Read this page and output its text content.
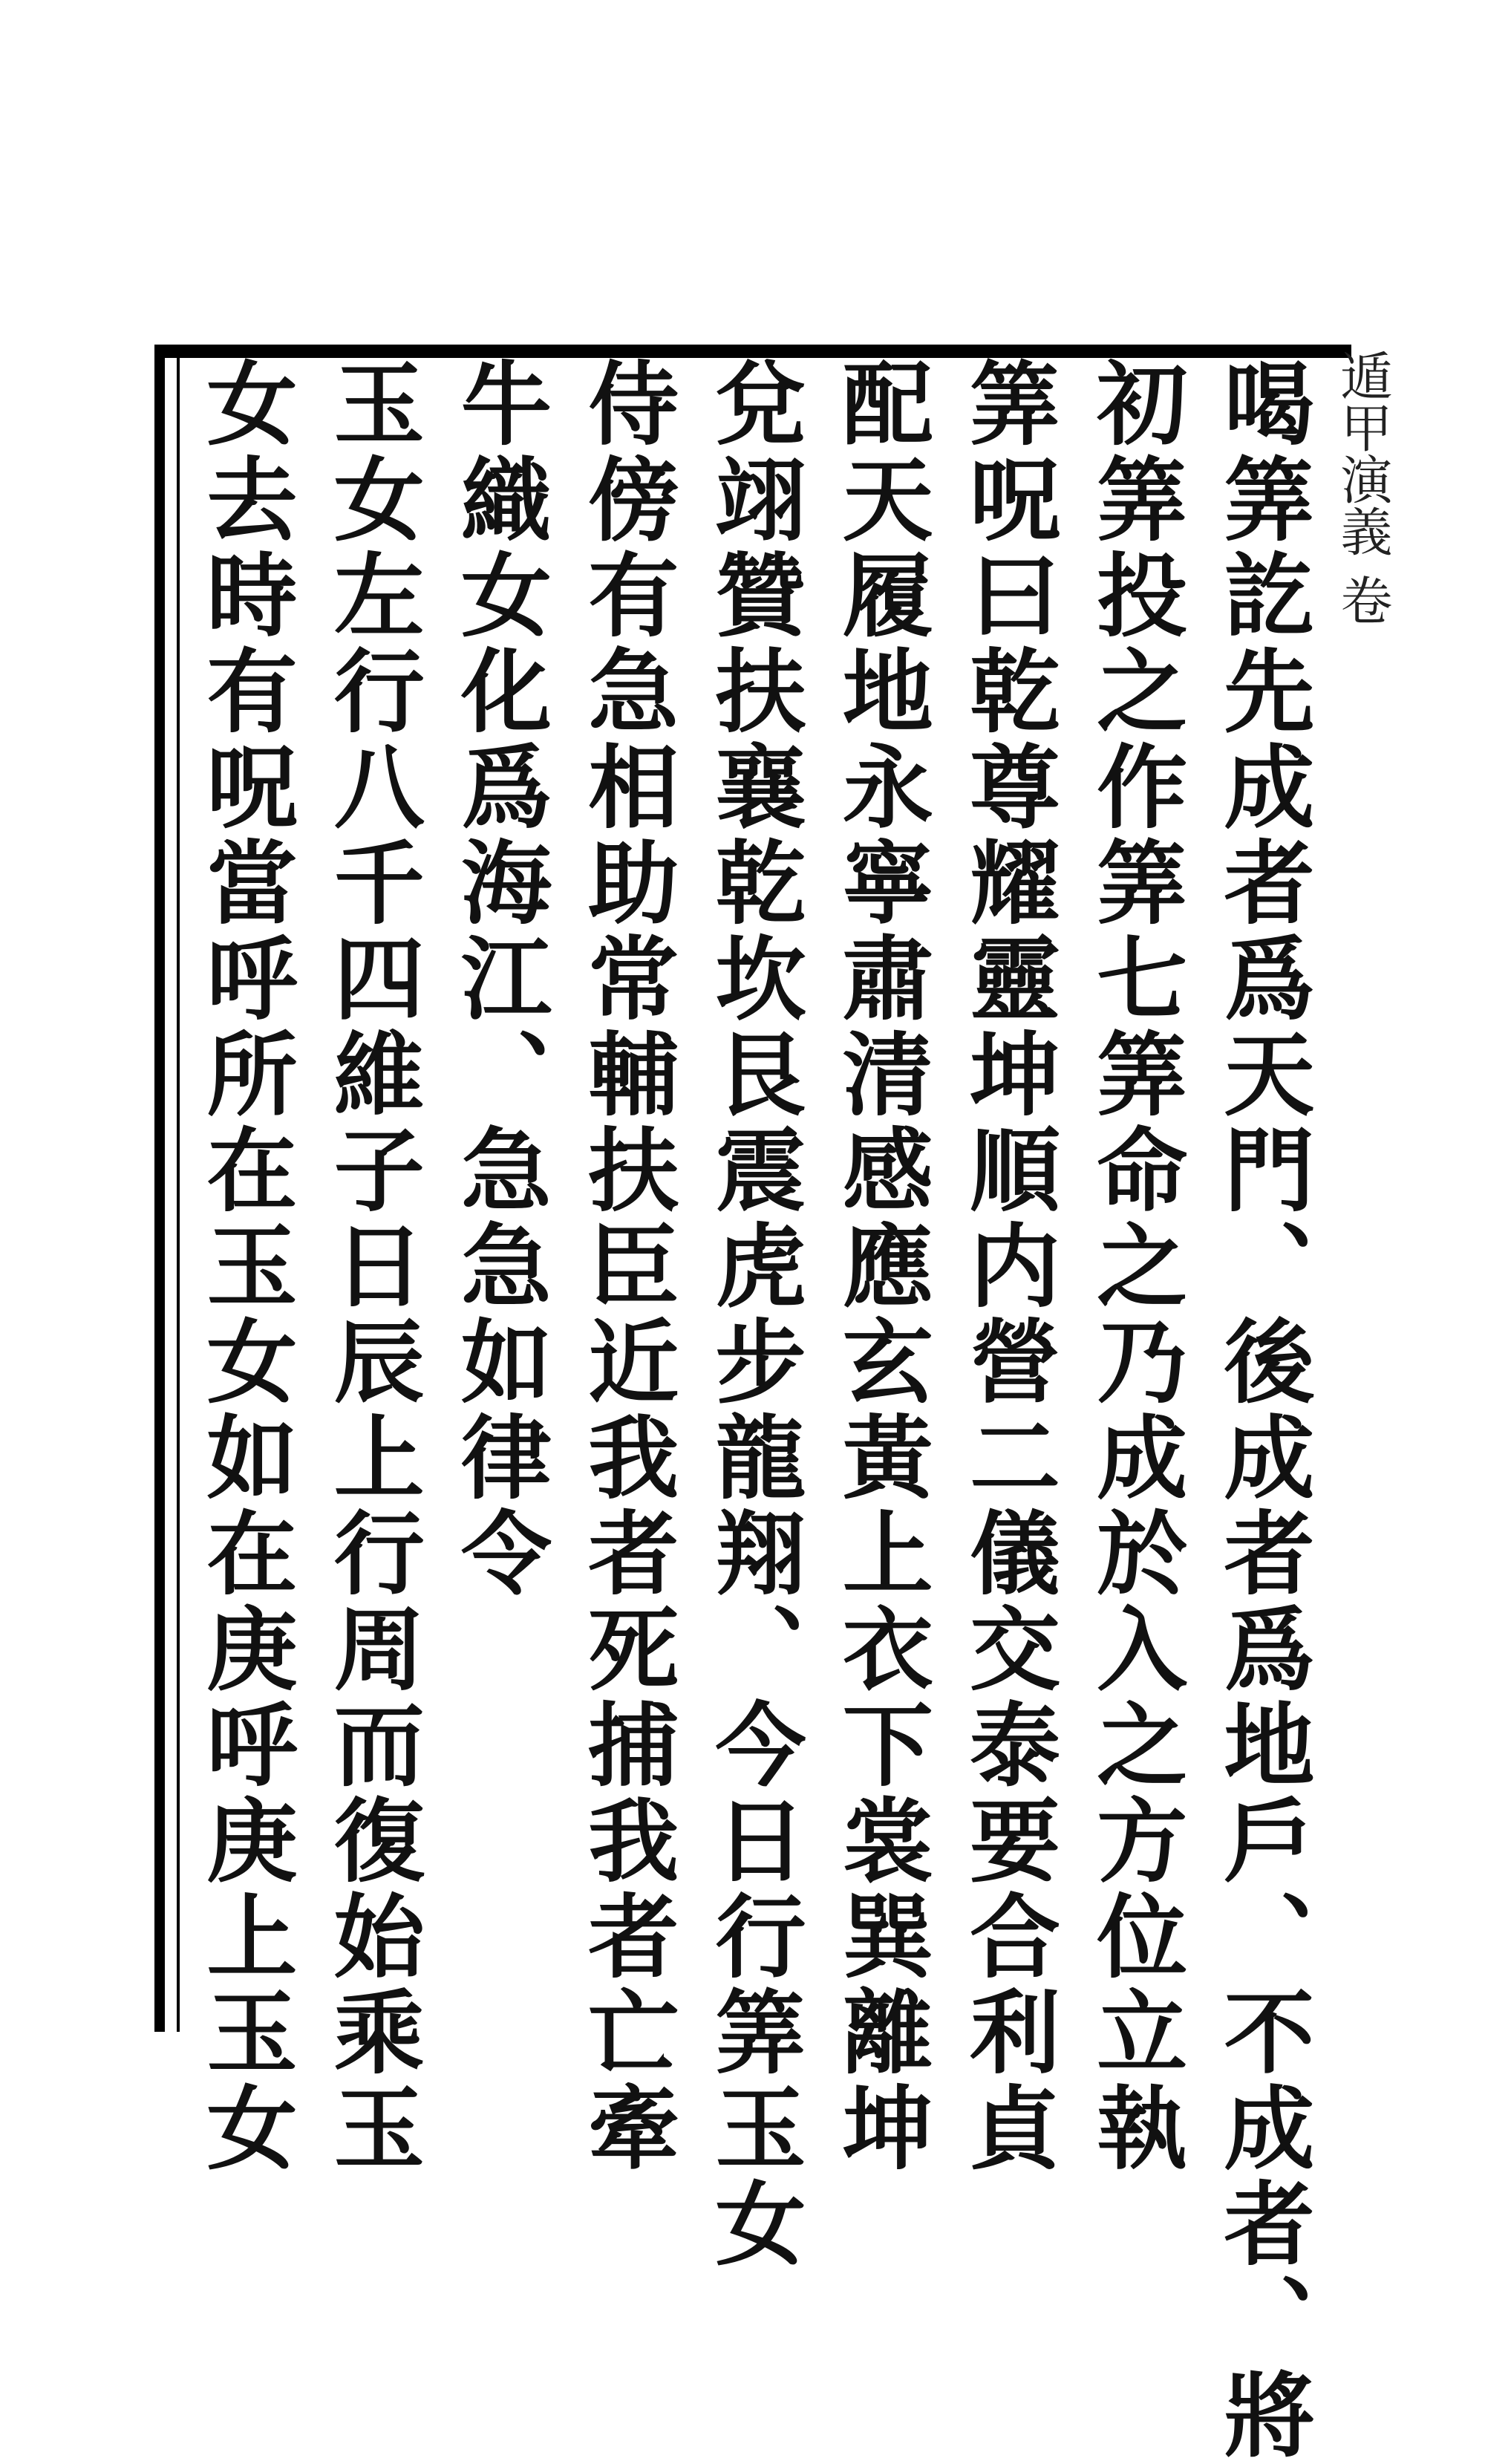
遁甲演義 卷
喝筭訖先成者爲天門、後成者爲地戶、不成者、將
初筭投之作筭七筭命之乃成於入之方位立執
筭呪曰乾尊耀靈坤順内營二儀交泰要合利貞
配天履地永寧肅清感應玄黃上衣下裳巽離坤
兌翊贊扶襄乾坎艮震虎步龍翔、今日行筭玉女
侍傍有急相助常輔扶臣近我者死捕我者亡牽
牛織女化爲海江、急急如律令
玉女左行八千四維子日辰上行周而復始乘玉
女去時有呪當呼所在玉女如在庚呼庚上玉女
